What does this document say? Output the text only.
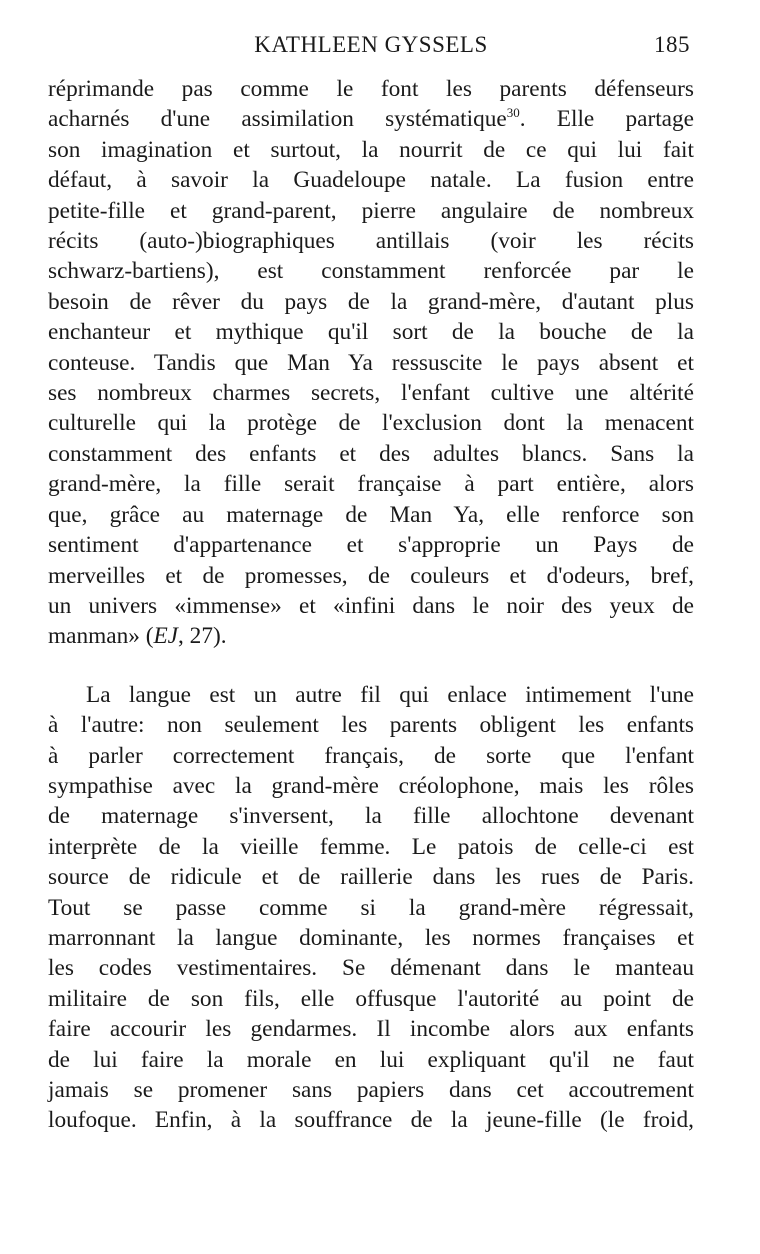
KATHLEEN GYSSELS	185
réprimande pas comme le font les parents défenseurs
acharnés d'une assimilation systématique$^{30}$. Elle partage
son imagination et surtout, la nourrit de ce qui lui fait
défaut, à savoir la Guadeloupe natale. La fusion entre
petite-fille et grand-parent, pierre angulaire de nombreux
récits (auto-)biographiques antillais (voir les récits
schwarz-bartiens), est constamment renforcée par le
besoin de rêver du pays de la grand-mère, d'autant plus
enchanteur et mythique qu'il sort de la bouche de la
conteuse. Tandis que Man Ya ressuscite le pays absent et
ses nombreux charmes secrets, l'enfant cultive une altérité
culturelle qui la protège de l'exclusion dont la menacent
constamment des enfants et des adultes blancs. Sans la
grand-mère, la fille serait française à part entière, alors
que, grâce au maternage de Man Ya, elle renforce son
sentiment d'appartenance et s'approprie un Pays de
merveilles et de promesses, de couleurs et d'odeurs, bref,
un univers «immense» et «infini dans le noir des yeux de
manman» (EJ, 27).
La langue est un autre fil qui enlace intimement l'une
à l'autre: non seulement les parents obligent les enfants
à parler correctement français, de sorte que l'enfant
sympathise avec la grand-mère créolophone, mais les rôles
de maternage s'inversent, la fille allochtone devenant
interprète de la vieille femme. Le patois de celle-ci est
source de ridicule et de raillerie dans les rues de Paris.
Tout se passe comme si la grand-mère régressait,
marronnant la langue dominante, les normes françaises et
les codes vestimentaires. Se démenant dans le manteau
militaire de son fils, elle offusque l'autorité au point de
faire accourir les gendarmes. Il incombe alors aux enfants
de lui faire la morale en lui expliquant qu'il ne faut
jamais se promener sans papiers dans cet accoutrement
loufoque. Enfin, à la souffrance de la jeune-fille (le froid,
